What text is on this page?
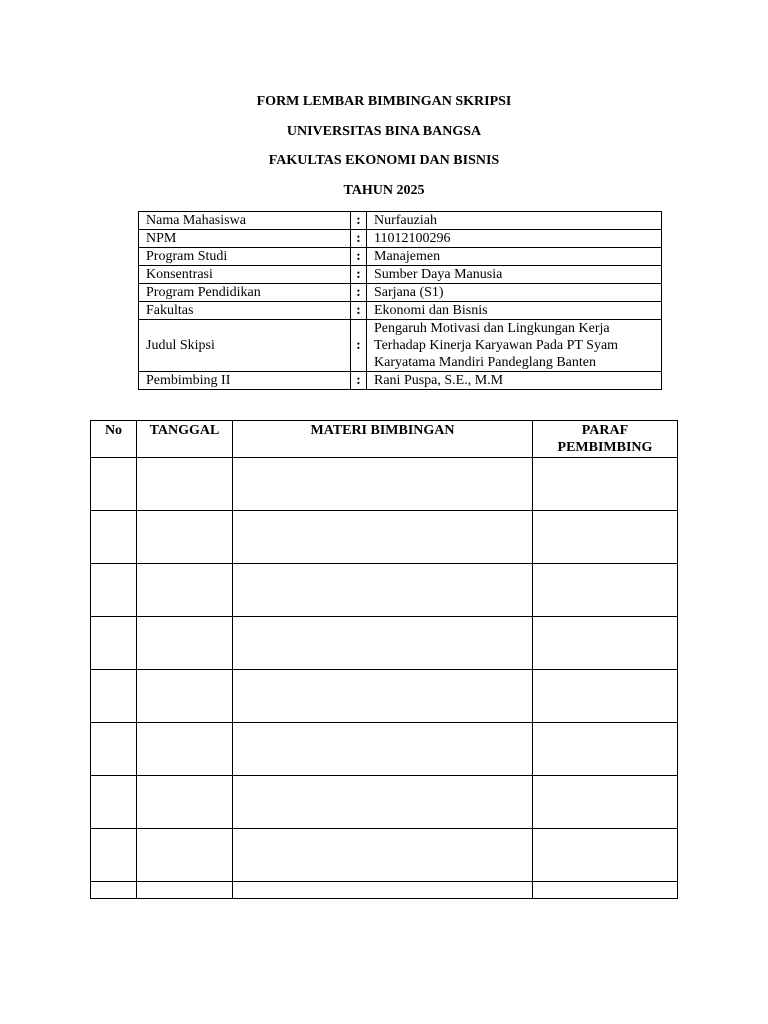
FORM LEMBAR BIMBINGAN SKRIPSI
UNIVERSITAS BINA BANGSA
FAKULTAS EKONOMI DAN BISNIS
TAHUN 2025
Nama Mahasiswa	:	Nurfauziah
NPM	:	11012100296
Program Studi	:	Manajemen
Konsentrasi	:	Sumber Daya Manusia
Program Pendidikan	:	Sarjana (S1)
Fakultas	:	Ekonomi dan Bisnis
Judul Skipsi	:	Pengaruh Motivasi dan Lingkungan Kerja Terhadap Kinerja Karyawan Pada PT Syam Karyatama Mandiri Pandeglang Banten
Pembimbing II	:	Rani Puspa, S.E., M.M
No	TANGGAL	MATERI BIMBINGAN	PARAF PEMBIMBING
